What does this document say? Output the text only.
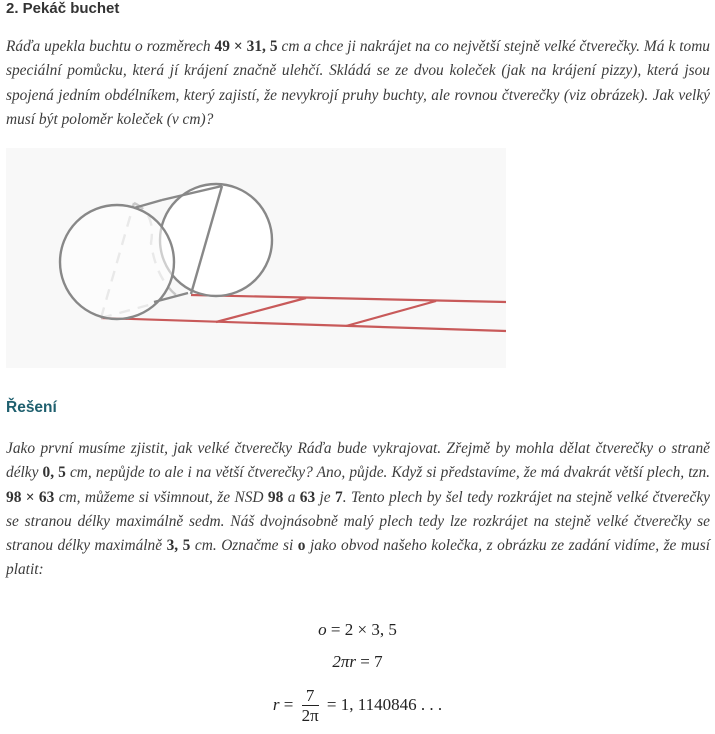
2. Pekáč buchet

Ráďa upekla buchtu o rozměrech 49 × 31, 5 cm a chce ji nakrájet na co největší stejně velké čtverečky. Má k tomu speciální pomůcku, která jí krájení značně ulehčí. Skládá se ze dvou koleček (jak na krájení pizzy), která jsou spojená jedním obdélníkem, který zajistí, že nevykrojí pruhy buchty, ale rovnou čtverečky (viz obrázek). Jak velký musí být poloměr koleček (v cm)?

Řešení

Jako první musíme zjistit, jak velké čtverečky Ráďa bude vykrajovat. Zřejmě by mohla dělat čtverečky o straně délky 0, 5 cm, nepůjde to ale i na větší čtverečky? Ano, půjde. Když si představíme, že má dvakrát větší plech, tzn. 98 × 63 cm, můžeme si všimnout, že NSD 98 a 63 je 7. Tento plech by šel tedy rozkrájet na stejně velké čtverečky se stranou délky maximálně sedm. Náš dvojnásobně malý plech tedy lze rozkrájet na stejně velké čtverečky se stranou délky maximálně 3, 5 cm. Označme si o jako obvod našeho kolečka, z obrázku ze zadání vidíme, že musí platit:

o = 2 × 3, 5
2πr = 7
$r = \frac{7}{2\pi} = 1$, 1140846 . . .
